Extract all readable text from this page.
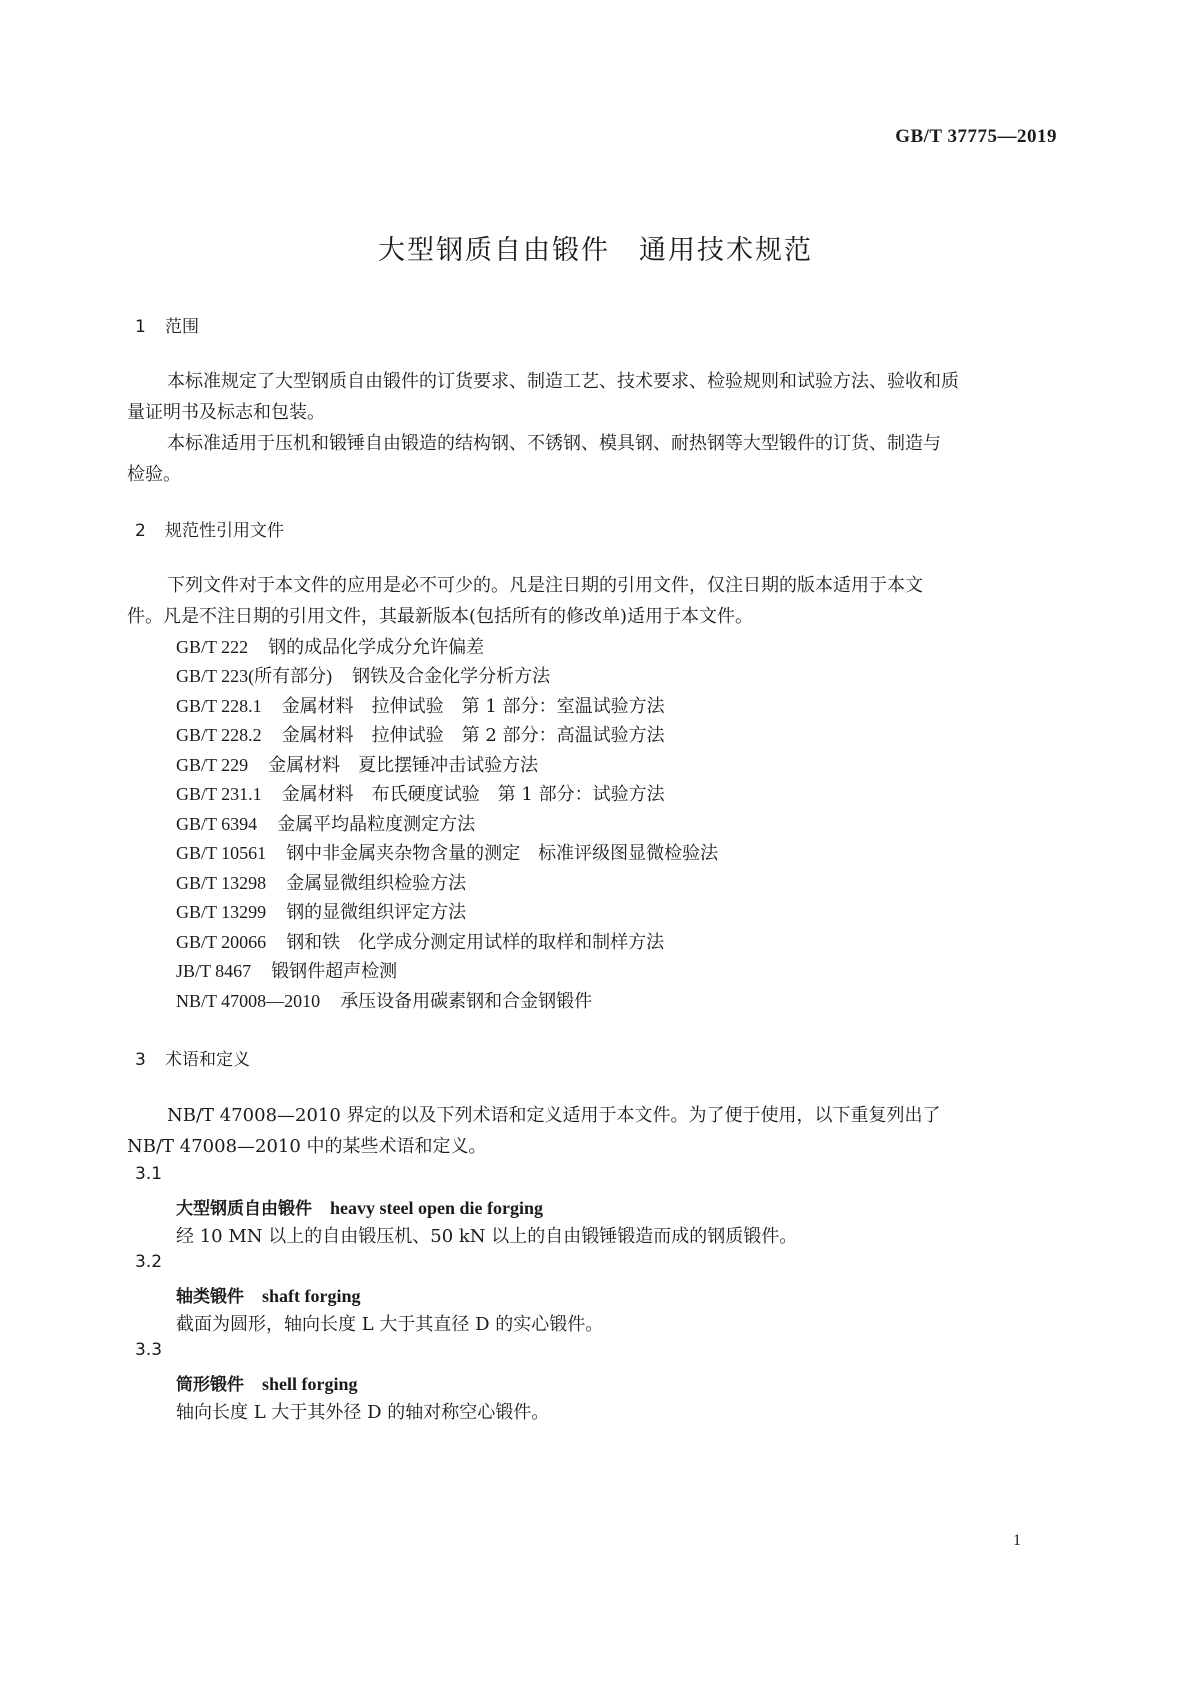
GB/T 37775—2019
大型钢质自由锻件　通用技术规范
1 范围
本标准规定了大型钢质自由锻件的订货要求、制造工艺、技术要求、检验规则和试验方法、验收和质
量证明书及标志和包装。
本标准适用于压机和锻锤自由锻造的结构钢、不锈钢、模具钢、耐热钢等大型锻件的订货、制造与
检验。
2 规范性引用文件
下列文件对于本文件的应用是必不可少的。凡是注日期的引用文件，仅注日期的版本适用于本文
件。凡是不注日期的引用文件，其最新版本(包括所有的修改单)适用于本文件。
GB/T 222 钢的成品化学成分允许偏差
GB/T 223(所有部分) 钢铁及合金化学分析方法
GB/T 228.1 金属材料　拉伸试验　第 1 部分：室温试验方法
GB/T 228.2 金属材料　拉伸试验　第 2 部分：高温试验方法
GB/T 229 金属材料　夏比摆锤冲击试验方法
GB/T 231.1 金属材料　布氏硬度试验　第 1 部分：试验方法
GB/T 6394 金属平均晶粒度测定方法
GB/T 10561 钢中非金属夹杂物含量的测定　标准评级图显微检验法
GB/T 13298 金属显微组织检验方法
GB/T 13299 钢的显微组织评定方法
GB/T 20066 钢和铁　化学成分测定用试样的取样和制样方法
JB/T 8467 锻钢件超声检测
NB/T 47008—2010 承压设备用碳素钢和合金钢锻件
3 术语和定义
NB/T 47008—2010 界定的以及下列术语和定义适用于本文件。为了便于使用，以下重复列出了
NB/T 47008—2010 中的某些术语和定义。
3.1
大型钢质自由锻件 heavy steel open die forging
经 10 MN 以上的自由锻压机、50 kN 以上的自由锻锤锻造而成的钢质锻件。
3.2
轴类锻件 shaft forging
截面为圆形，轴向长度 L 大于其直径 D 的实心锻件。
3.3
筒形锻件 shell forging
轴向长度 L 大于其外径 D 的轴对称空心锻件。
1
